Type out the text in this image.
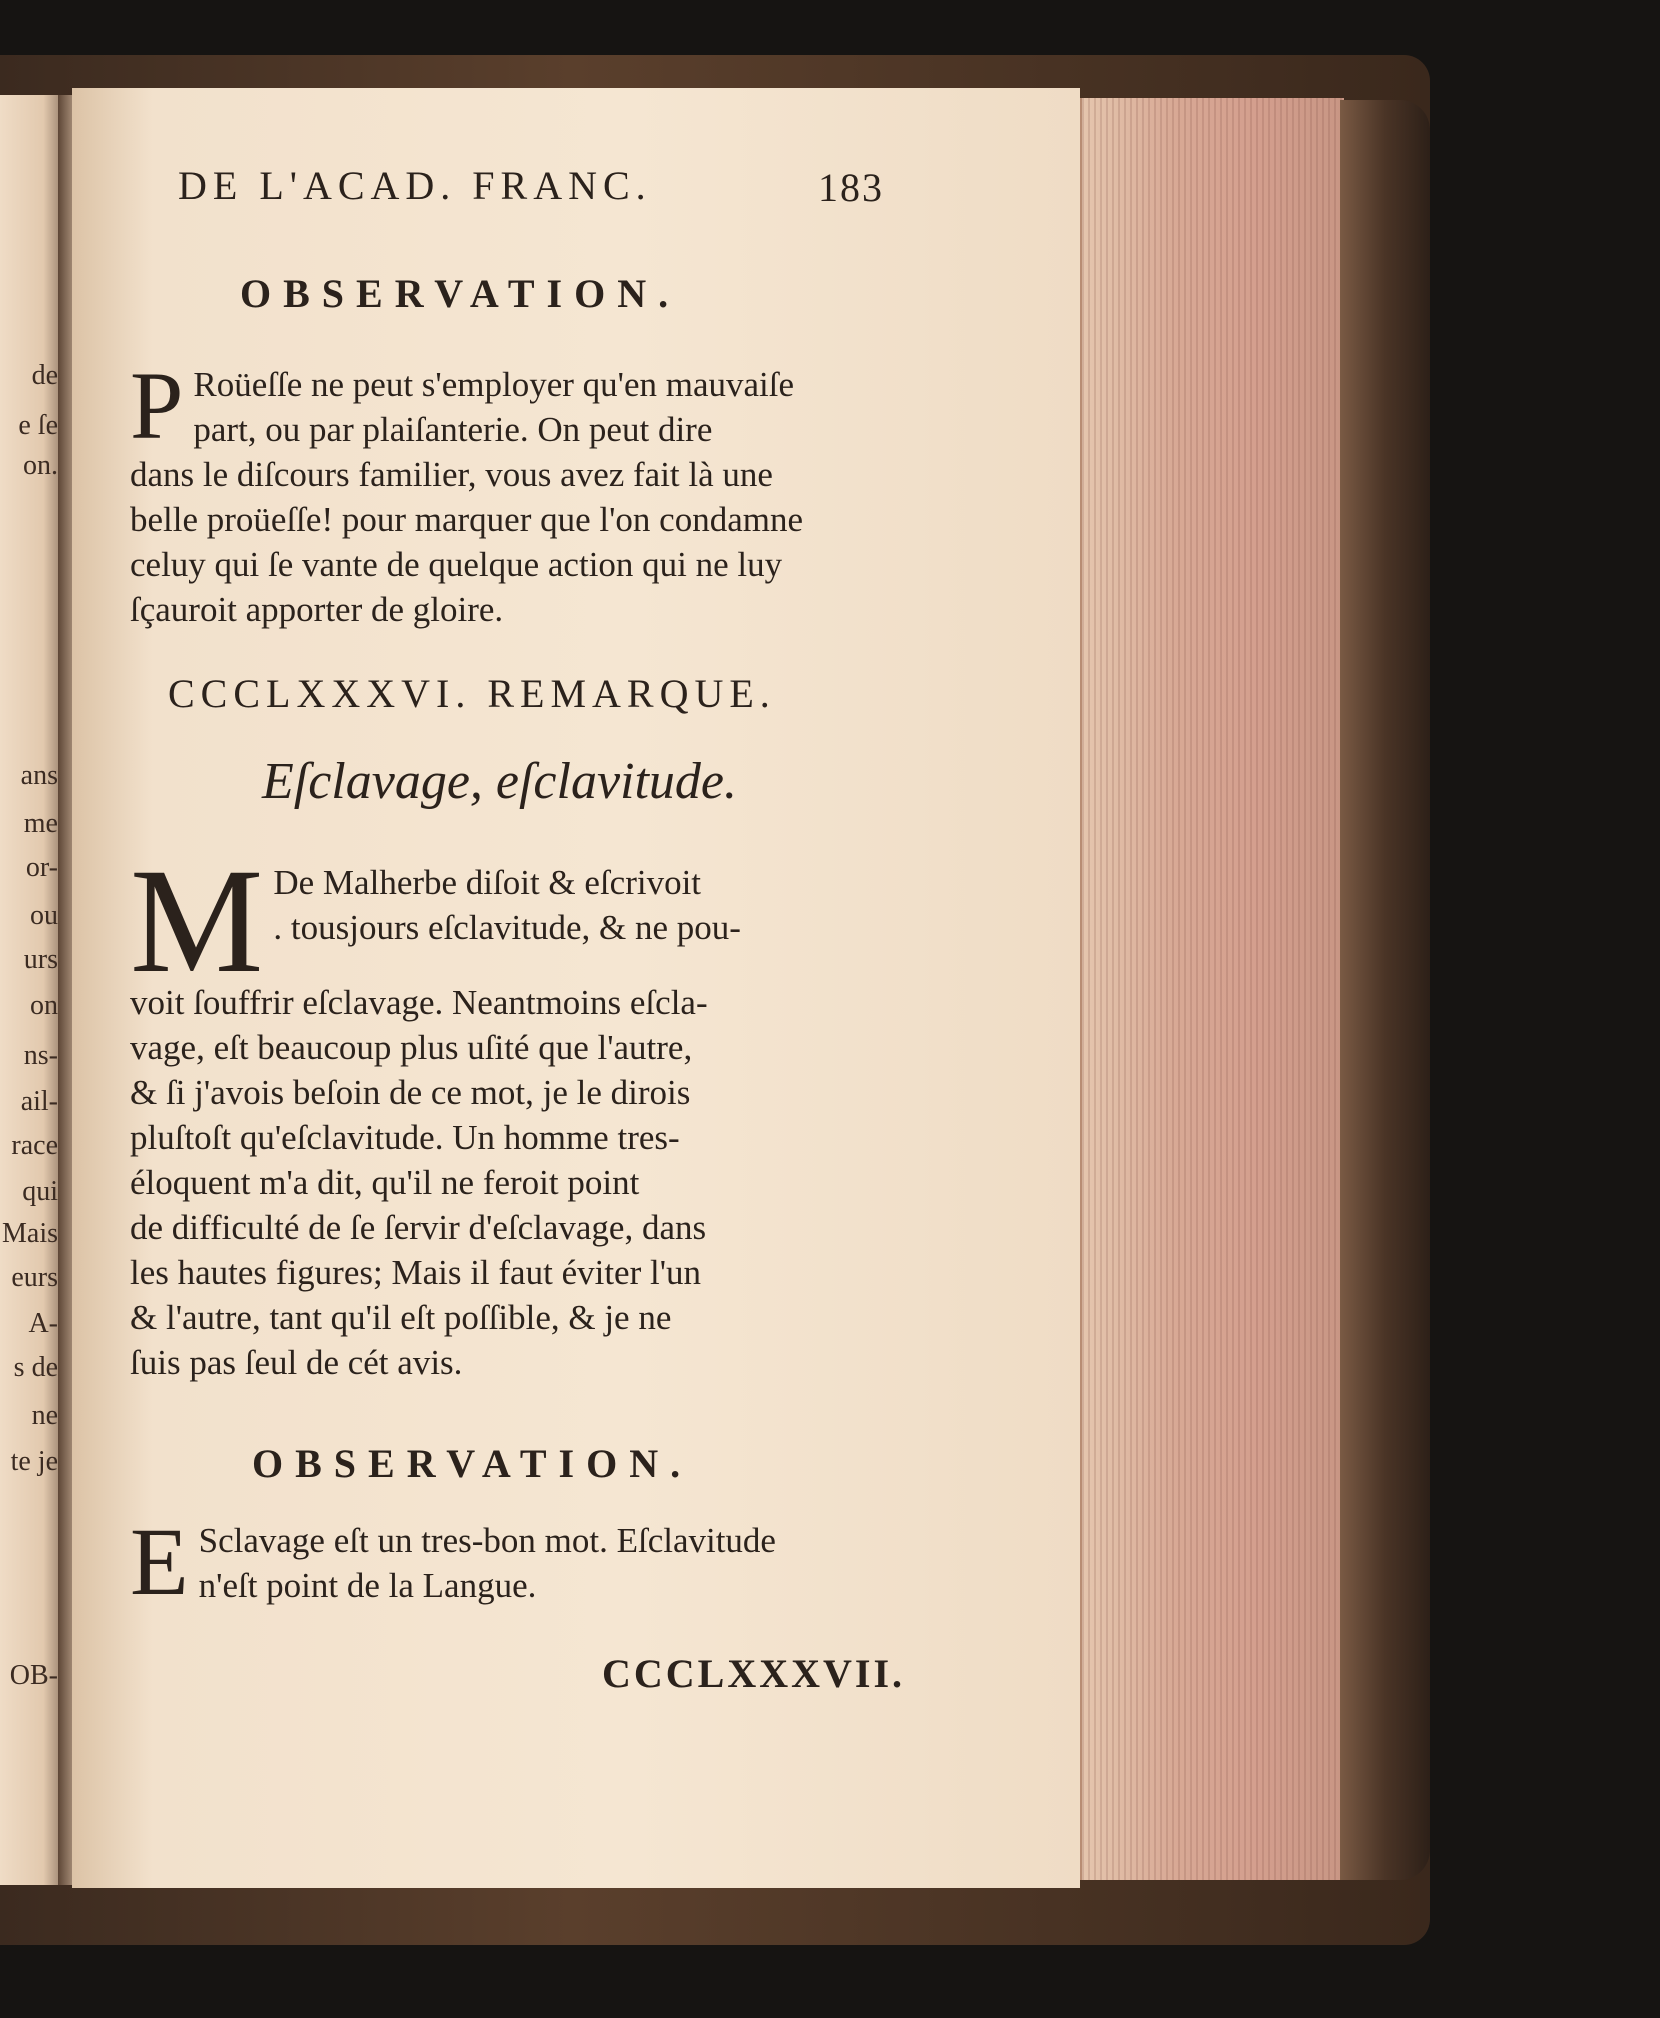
de
e ſe
on.
ans
me
or-
ou
urs
on
ns-
ail-
race
qui
Mais
eurs
A-
s de
ne
te je
OB-
DE L'ACAD. FRANC.	183
OBSERVATION.
P Roüeſſe ne peut s'employer qu'en mauvaiſe
part, ou par plaiſanterie. On peut dire
dans le diſcours familier, vous avez fait là une
belle proüeſſe! pour marquer que l'on condamne
celuy qui ſe vante de quelque action qui ne luy
ſçauroit apporter de gloire.
CCCLXXXVI. REMARQUE.
Eſclavage, eſclavitude.
M De Malherbe diſoit & eſcrivoit
. tousjours eſclavitude, & ne pou-
voit ſouffrir eſclavage. Neantmoins eſcla-
vage, eſt beaucoup plus uſité que l'autre,
& ſi j'avois beſoin de ce mot, je le dirois
pluſtoſt qu'eſclavitude. Un homme tres-
éloquent m'a dit, qu'il ne feroit point
de difficulté de ſe ſervir d'eſclavage, dans
les hautes figures; Mais il faut éviter l'un
& l'autre, tant qu'il eſt poſſible, & je ne
ſuis pas ſeul de cét avis.
OBSERVATION.
E Sclavage eſt un tres-bon mot. Eſclavitude
n'eſt point de la Langue.
CCCLXXXVII.
